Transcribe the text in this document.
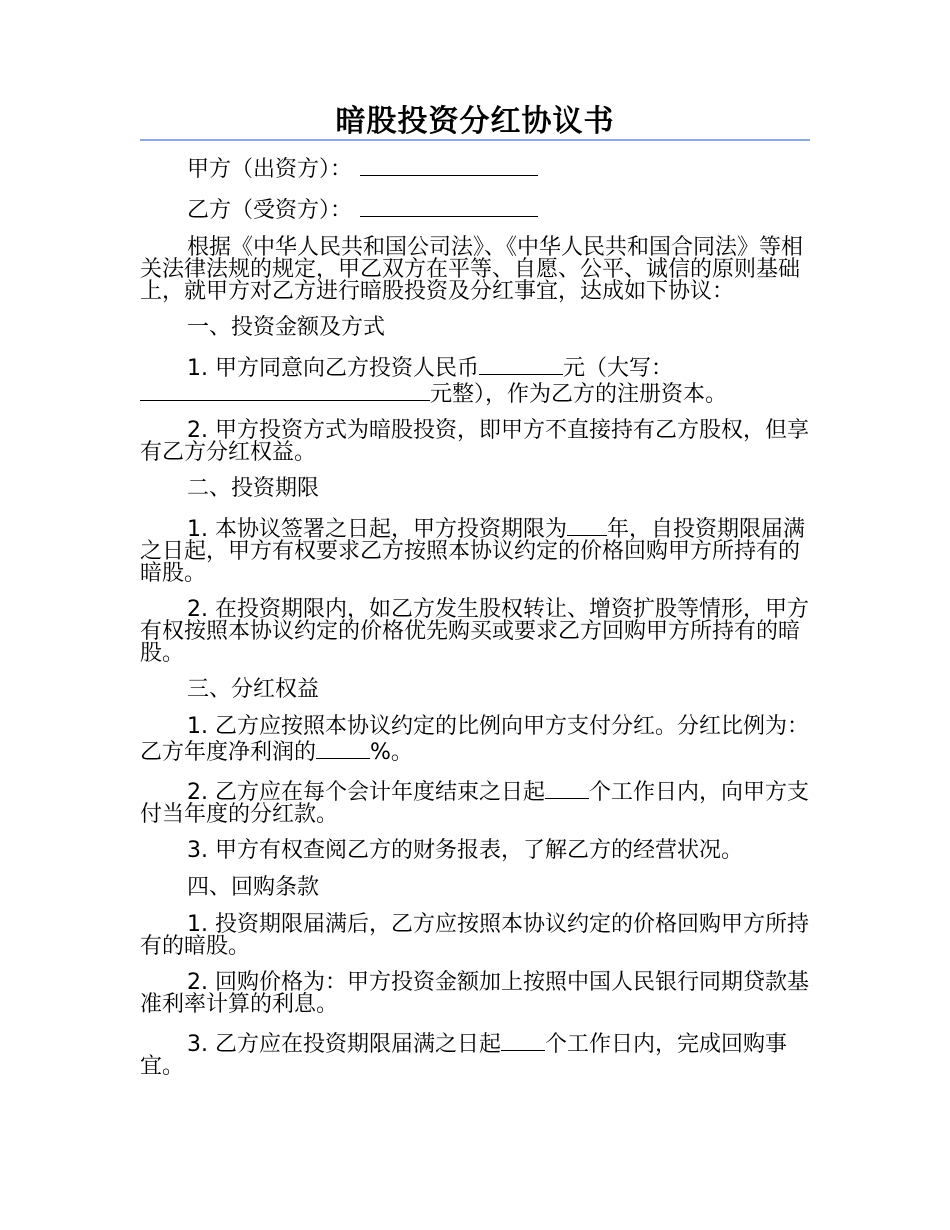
暗股投资分红协议书

甲方（出资方）：

乙方（受资方）：

根据《中华人民共和国公司法》、《中华人民共和国合同法》等相关法律法规的规定，甲乙双方在平等、自愿、公平、诚信的原则基础上，就甲方对乙方进行暗股投资及分红事宜，达成如下协议：

一、投资金额及方式

1. 甲方同意向乙方投资人民币	元（大写：元整），作为乙方的注册资本。

2. 甲方投资方式为暗股投资，即甲方不直接持有乙方股权，但享有乙方分红权益。

二、投资期限

1. 本协议签署之日起，甲方投资期限为 年，自投资期限届满之日起，甲方有权要求乙方按照本协议约定的价格回购甲方所持有的暗股。

2. 在投资期限内，如乙方发生股权转让、增资扩股等情形，甲方有权按照本协议约定的价格优先购买或要求乙方回购甲方所持有的暗股。

三、分红权益

1. 乙方应按照本协议约定的比例向甲方支付分红。分红比例为：乙方年度净利润的 %。

2. 乙方应在每个会计年度结束之日起 个工作日内，向甲方支付当年度的分红款。

3. 甲方有权查阅乙方的财务报表，了解乙方的经营状况。

四、回购条款

1. 投资期限届满后，乙方应按照本协议约定的价格回购甲方所持有的暗股。

2. 回购价格为：甲方投资金额加上按照中国人民银行同期贷款基准利率计算的利息。

3. 乙方应在投资期限届满之日起 个工作日内，完成回购事宜。
